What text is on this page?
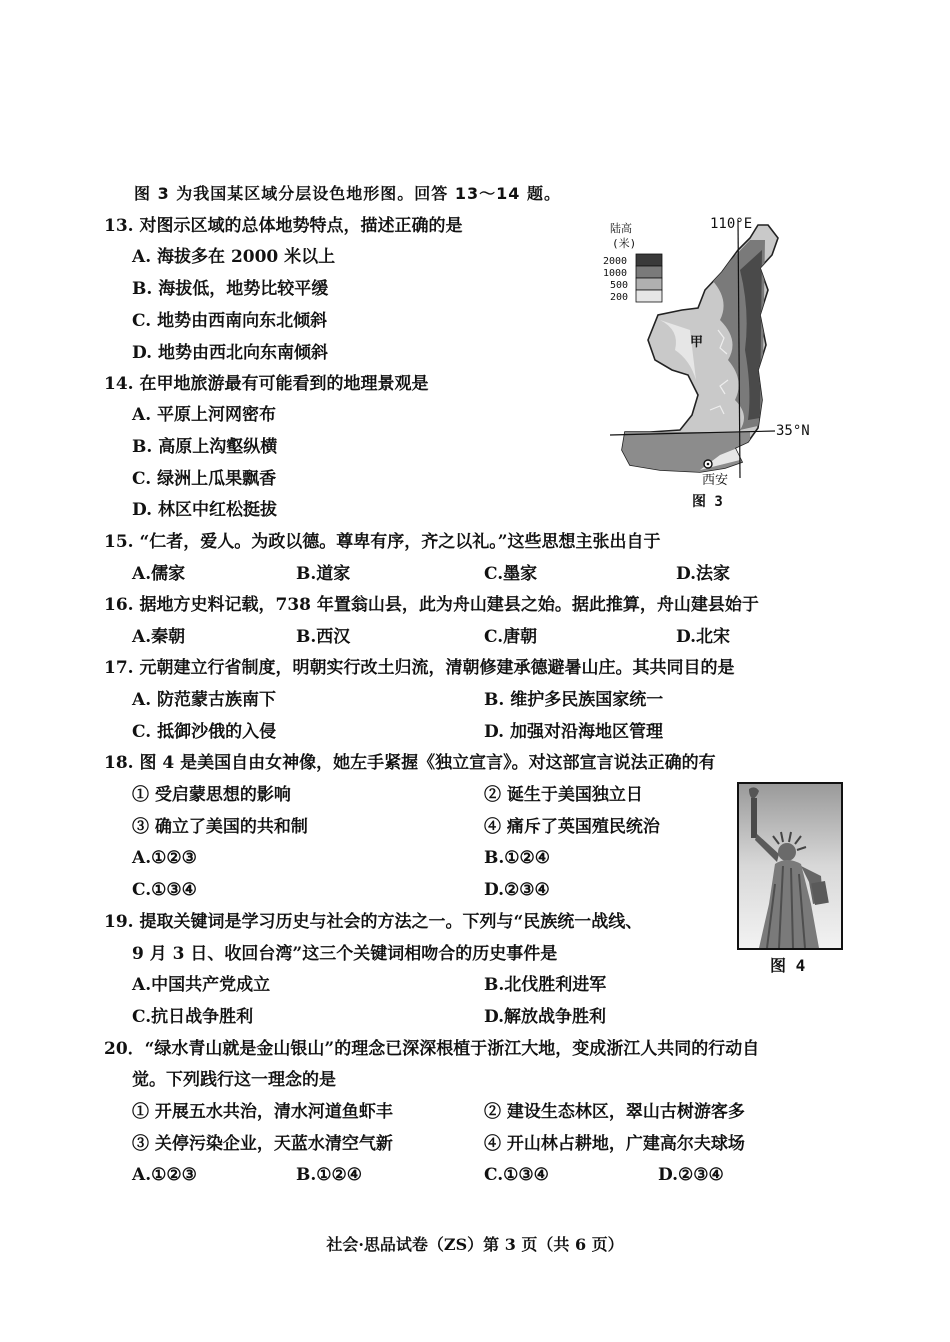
图 3 为我国某区域分层设色地形图。回答 13～14 题。
13. 对图示区域的总体地势特点，描述正确的是
A. 海拔多在 2000 米以上
B. 海拔低，地势比较平缓
C. 地势由西南向东北倾斜
D. 地势由西北向东南倾斜
14. 在甲地旅游最有可能看到的地理景观是
A. 平原上河网密布
B. 高原上沟壑纵横
C. 绿洲上瓜果飘香
D. 林区中红松挺拔
110°E
35°N
甲
西安
陆高
(米)
2000
1000
500
200
图 3
15. “仁者，爱人。为政以德。尊卑有序，齐之以礼。”这些思想主张出自于
A.儒家	B.道家	C.墨家	D.法家
16. 据地方史料记载，738 年置翁山县，此为舟山建县之始。据此推算，舟山建县始于
A.秦朝	B.西汉	C.唐朝	D.北宋
17. 元朝建立行省制度，明朝实行改土归流，清朝修建承德避暑山庄。其共同目的是
A. 防范蒙古族南下	B. 维护多民族国家统一
C. 抵御沙俄的入侵	D. 加强对沿海地区管理
18. 图 4 是美国自由女神像，她左手紧握《独立宣言》。对这部宣言说法正确的有
① 受启蒙思想的影响	② 诞生于美国独立日
③ 确立了美国的共和制	④ 痛斥了英国殖民统治
A.①②③	B.①②④
C.①③④	D.②③④
图 4
19. 提取关键词是学习历史与社会的方法之一。下列与“民族统一战线、
9 月 3 日、收回台湾”这三个关键词相吻合的历史事件是
A.中国共产党成立	B.北伐胜利进军
C.抗日战争胜利	D.解放战争胜利
20．“绿水青山就是金山银山”的理念已深深根植于浙江大地，变成浙江人共同的行动自
觉。下列践行这一理念的是
① 开展五水共治，清水河道鱼虾丰	② 建设生态林区，翠山古树游客多
③ 关停污染企业，天蓝水清空气新	④ 开山林占耕地，广建高尔夫球场
A.①②③	B.①②④	C.①③④	D.②③④
社会·思品试卷（ZS）第 3 页（共 6 页）
